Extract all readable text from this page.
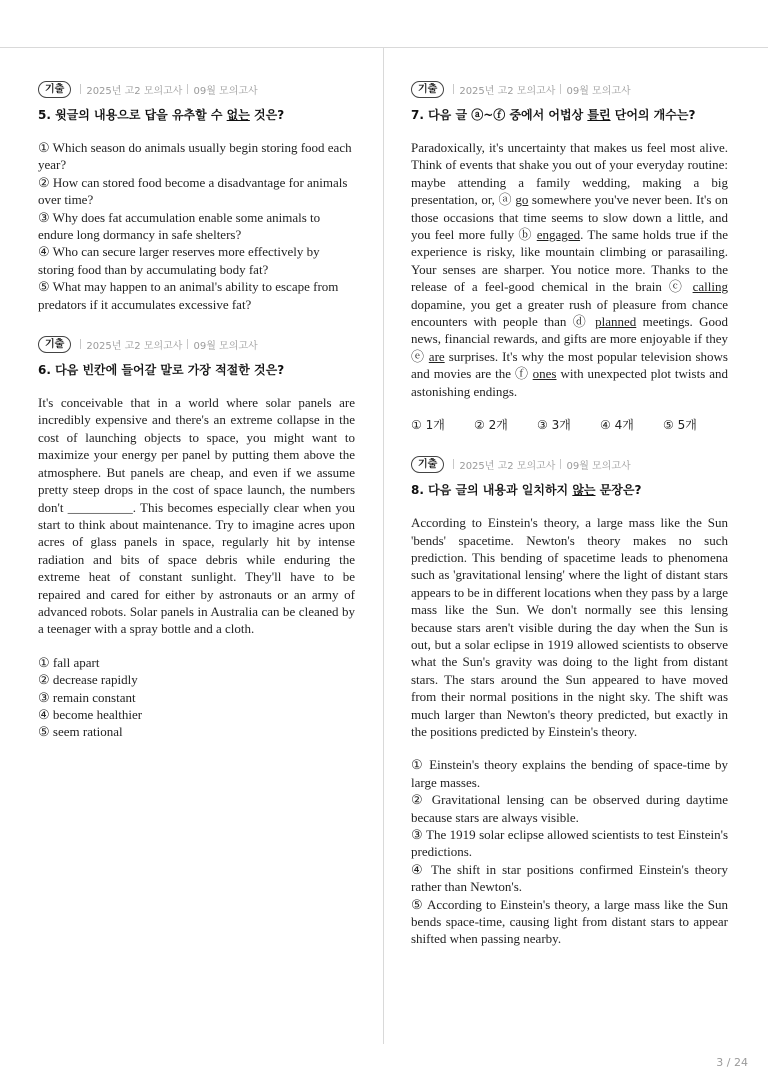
기출	2025년 고2 모의고사 09월 모의고사
5. 윗글의 내용으로 답을 유추할 수 없는 것은?

① Which season do animals usually begin storing food each year?

② How can stored food become a disadvantage for animals over time?

③ Why does fat accumulation enable some animals to endure long dormancy in safe shelters?

④ Who can secure larger reserves more effectively by storing food than by accumulating body fat?

⑤ What may happen to an animal's ability to escape from predators if it accumulates excessive fat?

기출	2025년 고2 모의고사 09월 모의고사
6. 다음 빈칸에 들어갈 말로 가장 적절한 것은?

It's conceivable that in a world where solar panels are incredibly expensive and there's an extreme collapse in the cost of launching objects to space, you might want to maximize your energy per panel by putting them above the atmosphere. But panels are cheap, and even if we assume pretty steep drops in the cost of space launch, the numbers don't __________. This becomes especially clear when you start to think about maintenance. Try to imagine acres upon acres of glass panels in space, regularly hit by intense radiation and bits of space debris while enduring the extreme heat of constant sunlight. They'll have to be repaired and cared for either by astronauts or an army of advanced robots. Solar panels in Australia can be cleaned by a teenager with a spray bottle and a cloth.

① fall apart

② decrease rapidly

③ remain constant

④ become healthier

⑤ seem rational

기출	2025년 고2 모의고사 09월 모의고사
7. 다음 글 ⓐ~ⓕ 중에서 어법상 틀린 단어의 개수는?

Paradoxically, it's uncertainty that makes us feel most alive. Think of events that shake you out of your everyday routine: maybe attending a family wedding, making a big presentation, or, ⓐ go somewhere you've never been. It's on those occasions that time seems to slow down a little, and you feel more fully ⓑ engaged. The same holds true if the experience is risky, like mountain climbing or parasailing. Your senses are sharper. You notice more. Thanks to the release of a feel-good chemical in the brain ⓒ calling dopamine, you get a greater rush of pleasure from chance encounters with people than ⓓ planned meetings. Good news, financial rewards, and gifts are more enjoyable if they ⓔ are surprises. It's why the most popular television shows and movies are the ⓕ ones with unexpected plot twists and astonishing endings.

① 1개	② 2개	③ 3개	④ 4개	⑤ 5개
기출	2025년 고2 모의고사 09월 모의고사
8. 다음 글의 내용과 일치하지 않는 문장은?

According to Einstein's theory, a large mass like the Sun 'bends' spacetime. Newton's theory makes no such prediction. This bending of spacetime leads to phenomena such as 'gravitational lensing' where the light of distant stars appears to be in different locations when they pass by a large mass like the Sun. We don't normally see this lensing because stars aren't visible during the day when the Sun is out, but a solar eclipse in 1919 allowed scientists to observe what the Sun's gravity was doing to the light from distant stars. The stars around the Sun appeared to have moved from their normal positions in the night sky. The shift was much larger than Newton's theory predicted, but exactly in the positions predicted by Einstein's theory.

① Einstein's theory explains the bending of space-time by large masses.

② Gravitational lensing can be observed during daytime because stars are always visible.

③ The 1919 solar eclipse allowed scientists to test Einstein's predictions.

④ The shift in star positions confirmed Einstein's theory rather than Newton's.

⑤ According to Einstein's theory, a large mass like the Sun bends space-time, causing light from distant stars to appear shifted when passing nearby.

3 / 24
